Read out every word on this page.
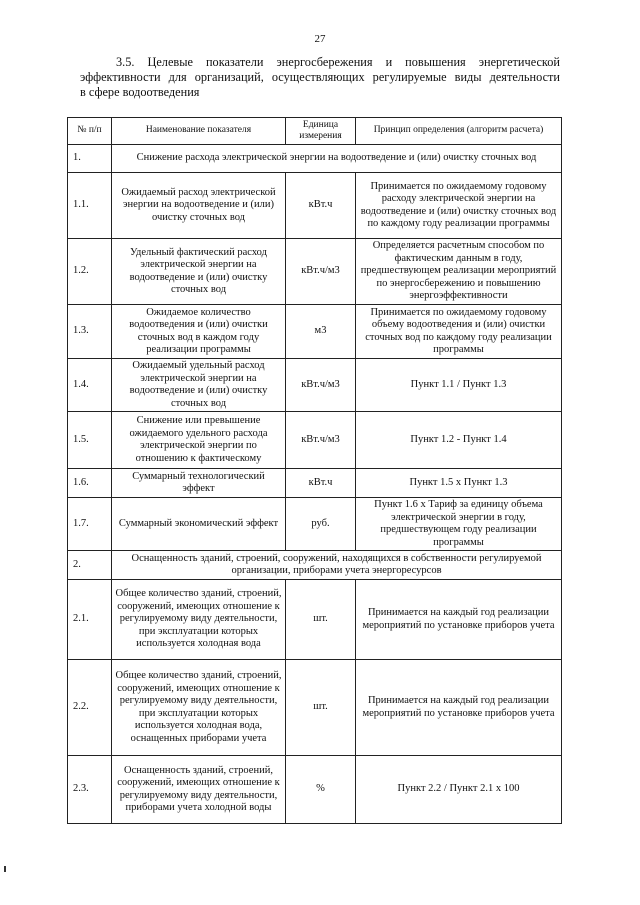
27

3.5. Целевые показатели энергосбережения и повышения энергетической
эффективности для организаций, осуществляющих регулируемые виды деятельности
в сфере водоотведения

№ п/п	Наименование показателя	Единица измерения	Принцип определения (алгоритм расчета)
1.	Снижение расхода электрической энергии на водоотведение и (или) очистку сточных вод		
1.1.	Ожидаемый расход электрической энергии на водоотведение и (или) очистку сточных вод	кВт.ч	Принимается по ожидаемому годовому расходу электрической энергии на водоотведение и (или) очистку сточных вод по каждому году реализации программы
1.2.	Удельный фактический расход электрической энергии на водоотведение и (или) очистку сточных вод	кВт.ч/м3	Определяется расчетным способом по фактическим данным в году, предшествующем реализации мероприятий по энергосбережению и повышению энергоэффективности
1.3.	Ожидаемое количество водоотведения и (или) очистки сточных вод в каждом году реализации программы	м3	Принимается по ожидаемому годовому объему водоотведения и (или) очистки сточных вод по каждому году реализации программы
1.4.	Ожидаемый удельный расход электрической энергии на водоотведение и (или) очистку сточных вод	кВт.ч/м3	Пункт 1.1 / Пункт 1.3
1.5.	Снижение или превышение ожидаемого удельного расхода электрической энергии по отношению к фактическому	кВт.ч/м3	Пункт 1.2 - Пункт 1.4
1.6.	Суммарный технологический эффект	кВт.ч	Пункт 1.5 х Пункт 1.3
1.7.	Суммарный экономический эффект	руб.	Пункт 1.6 х Тариф за единицу объема электрической энергии в году, предшествующем году реализации программы
2.	Оснащенность зданий, строений, сооружений, находящихся в собственности регулируемой организации, приборами учета энергоресурсов		
2.1.	Общее количество зданий, строений, сооружений, имеющих отношение к регулируемому виду деятельности, при эксплуатации которых используется холодная вода	шт.	Принимается на каждый год реализации мероприятий по установке приборов учета
2.2.	Общее количество зданий, строений, сооружений, имеющих отношение к регулируемому виду деятельности, при эксплуатации которых используется холодная вода, оснащенных приборами учета	шт.	Принимается на каждый год реализации мероприятий по установке приборов учета
2.3.	Оснащенность зданий, строений, сооружений, имеющих отношение к регулируемому виду деятельности, приборами учета холодной воды	%	Пункт 2.2 / Пункт 2.1 х 100
